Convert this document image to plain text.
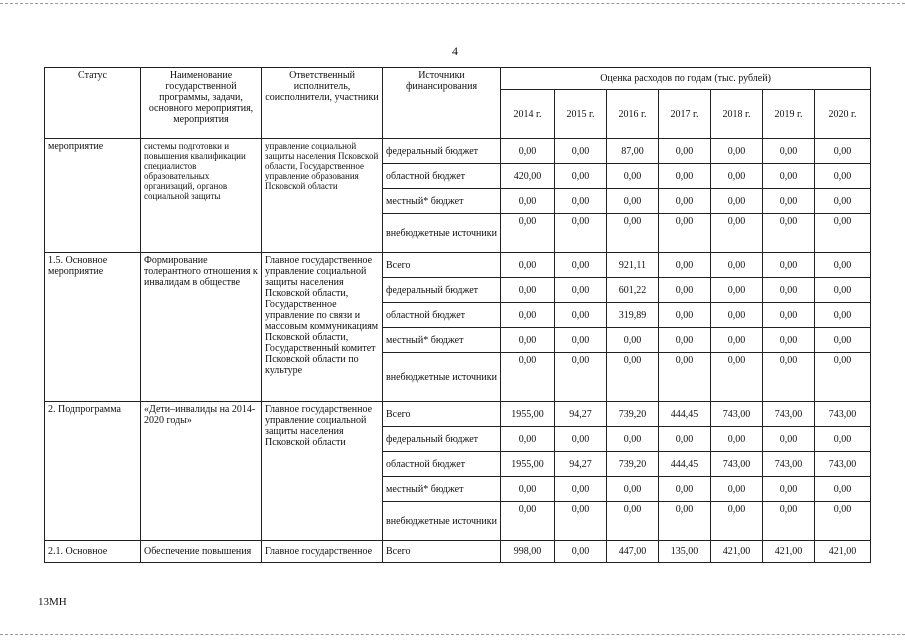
4
Статус	Наименование государственной программы, задачи, основного мероприятия, мероприятия	Ответственный исполнитель, соисполнители, участники	Источники финансирования	Оценка расходов по годам (тыс. рублей)						
				2014 г.	2015 г.	2016 г.	2017 г.	2018 г.	2019 г.	2020 г.
мероприятие	системы подготовки и повышения квалификации специалистов образовательных организаций, органов социальной защиты	управление социальной защиты населения Псковской области, Государственное управление образования Псковской области	федеральный бюджет	0,00	0,00	87,00	0,00	0,00	0,00	0,00
			областной бюджет	420,00	0,00	0,00	0,00	0,00	0,00	0,00
			местный* бюджет	0,00	0,00	0,00	0,00	0,00	0,00	0,00
			внебюджетные источники	0,00	0,00	0,00	0,00	0,00	0,00	0,00
1.5. Основное мероприятие	Формирование толерантного отношения к инвалидам в обществе	Главное государственное управление социальной защиты населения Псковской области, Государственное управление по связи и массовым коммуникациям Псковской области, Государственный комитет Псковской области по культуре	Всего	0,00	0,00	921,11	0,00	0,00	0,00	0,00
			федеральный бюджет	0,00	0,00	601,22	0,00	0,00	0,00	0,00
			областной бюджет	0,00	0,00	319,89	0,00	0,00	0,00	0,00
			местный* бюджет	0,00	0,00	0,00	0,00	0,00	0,00	0,00
			внебюджетные источники	0,00	0,00	0,00	0,00	0,00	0,00	0,00
2. Подпрограмма	«Дети–инвалиды на 2014-2020 годы»	Главное государственное управление социальной защиты населения Псковской области	Всего	1955,00	94,27	739,20	444,45	743,00	743,00	743,00
			федеральный бюджет	0,00	0,00	0,00	0,00	0,00	0,00	0,00
			областной бюджет	1955,00	94,27	739,20	444,45	743,00	743,00	743,00
			местный* бюджет	0,00	0,00	0,00	0,00	0,00	0,00	0,00
			внебюджетные источники	0,00	0,00	0,00	0,00	0,00	0,00	0,00
2.1. Основное	Обеспечение повышения	Главное государственное	Всего	998,00	0,00	447,00	135,00	421,00	421,00	421,00
13МН
